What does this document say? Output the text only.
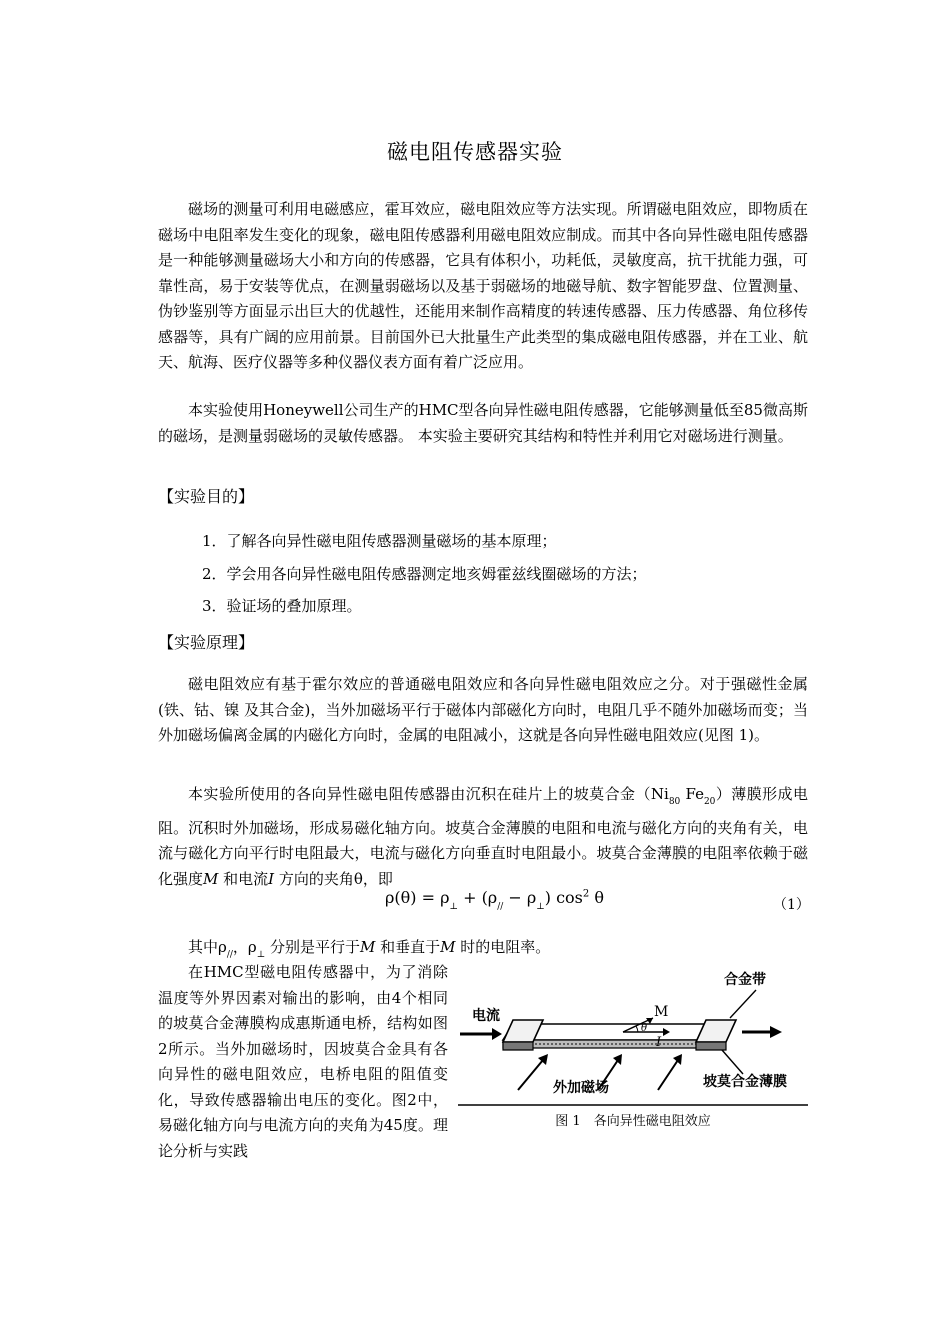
磁电阻传感器实验
磁场的测量可利用电磁感应，霍耳效应，磁电阻效应等方法实现。所谓磁电阻效应，即物质在磁场中电阻率发生变化的现象，磁电阻传感器利用磁电阻效应制成。而其中各向异性磁电阻传感器是一种能够测量磁场大小和方向的传感器，它具有体积小，功耗低，灵敏度高，抗干扰能力强，可靠性高，易于安装等优点，在测量弱磁场以及基于弱磁场的地磁导航、数字智能罗盘、位置测量、伪钞鉴别等方面显示出巨大的优越性，还能用来制作高精度的转速传感器、压力传感器、角位移传感器等，具有广阔的应用前景。目前国外已大批量生产此类型的集成磁电阻传感器，并在工业、航天、航海、医疗仪器等多种仪器仪表方面有着广泛应用。
本实验使用Honeywell公司生产的HMC型各向异性磁电阻传感器，它能够测量低至85微高斯的磁场，是测量弱磁场的灵敏传感器。 本实验主要研究其结构和特性并利用它对磁场进行测量。
【实验目的】
1．了解各向异性磁电阻传感器测量磁场的基本原理；
2．学会用各向异性磁电阻传感器测定地亥姆霍兹线圈磁场的方法；
3．验证场的叠加原理。
【实验原理】
磁电阻效应有基于霍尔效应的普通磁电阻效应和各向异性磁电阻效应之分。对于强磁性金属(铁、钴、镍 及其合金)，当外加磁场平行于磁体内部磁化方向时，电阻几乎不随外加磁场而变；当外加磁场偏离金属的内磁化方向时，金属的电阻减小，这就是各向异性磁电阻效应(见图 1)。
本实验所使用的各向异性磁电阻传感器由沉积在硅片上的坡莫合金（$Ni_{80}$ $Fe_{20}$）薄膜形成电阻。沉积时外加磁场，形成易磁化轴方向。坡莫合金薄膜的电阻和电流与磁化方向的夹角有关，电流与磁化方向平行时电阻最大，电流与磁化方向垂直时电阻最小。坡莫合金薄膜的电阻率依赖于磁化强度M 和电流I 方向的夹角θ，即
$\rho(\theta) = \rho_\perp + (\rho_{//} - \rho_\perp)$ $\cos^2 \theta$	（1）
其中$\rho_{//}$，$\rho_\perp$ 分别是平行于M 和垂直于M 时的电阻率。
在HMC型磁电阻传感器中，为了消除温度等外界因素对输出的影响，由4个相同的坡莫合金薄膜构成惠斯通电桥，结构如图2所示。当外加磁场时，因坡莫合金具有各向异性的磁电阻效应，电桥电阻的阻值变化，导致传感器输出电压的变化。图2中，易磁化轴方向与电流方向的夹角为45度。理论分析与实践
M
θ
I
电流
合金带
外加磁场	坡莫合金薄膜
图 1　各向异性磁电阻效应
